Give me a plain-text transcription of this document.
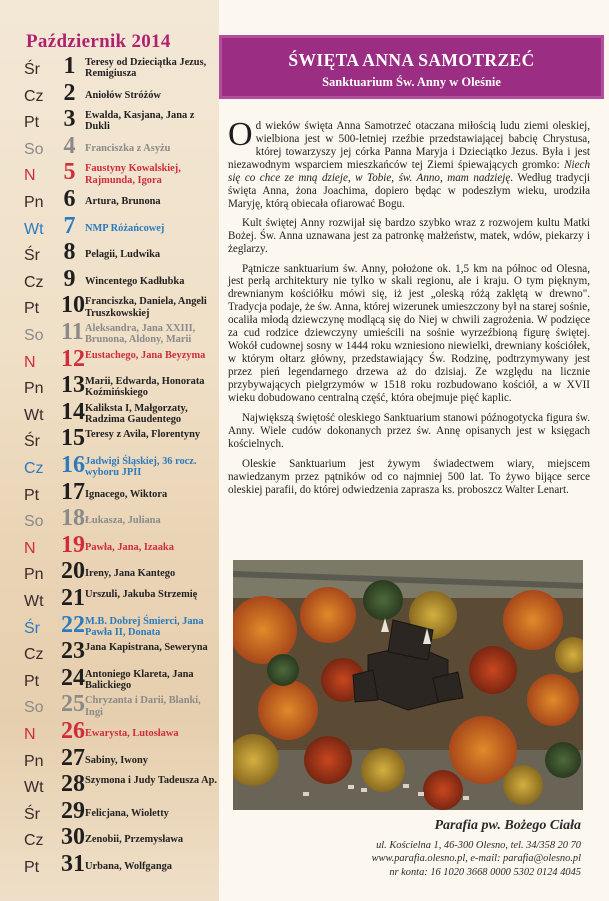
Październik 2014
Śr 1 Teresy od Dzieciątka Jezus, Remigiusza
Cz 2 Aniołów Stróżów
Pt 3 Ewalda, Kasjana, Jana z Dukli
So 4 Franciszka z Asyżu
N 5 Faustyny Kowalskiej, Rajmunda, Igora
Pn 6 Artura, Brunona
Wt 7 NMP Różańcowej
Śr 8 Pelagii, Ludwika
Cz 9 Wincentego Kadłubka
Pt 10 Franciszka, Daniela, Angeli Truszkowskiej
So 11 Aleksandra, Jana XXIII, Brunona, Aldony, Marii
N 12 Eustachego, Jana Beyzyma
Pn 13 Marii, Edwarda, Honorata Koźmińskiego
Wt 14 Kaliksta I, Małgorzaty, Radzima Gaudentego
Śr 15 Teresy z Avila, Florentyny
Cz 16 Jadwigi Śląskiej, 36 rocz. wyboru JPII
Pt 17 Ignacego, Wiktora
So 18 Łukasza, Juliana
N 19 Pawła, Jana, Izaaka
Pn 20 Ireny, Jana Kantego
Wt 21 Urszuli, Jakuba Strzemię
Śr 22 M.B. Dobrej Śmierci, Jana Pawła II, Donata
Cz 23 Jana Kapistrana, Seweryna
Pt 24 Antoniego Klareta, Jana Balickiego
So 25 Chryzanta i Darii, Blanki, Ingi
N 26 Ewarysta, Lutosława
Pn 27 Sabiny, Iwony
Wt 28 Szymona i Judy Tadeusza Ap.
Śr 29 Felicjana, Wioletty
Cz 30 Zenobii, Przemysława
Pt 31 Urbana, Wolfganga
ŚWIĘTA ANNA SAMOTRZEĆ
Sanktuarium Św. Anny w Oleśnie

Od wieków święta Anna Samotrzeć otaczana miłością ludu ziemi oleskiej, wielbiona jest w 500-letniej rzeźbie przedstawiającej babcię Chrystusa, której towarzyszy jej córka Panna Maryja i Dzieciątko Jezus. Była i jest niezawodnym wsparciem mieszkańców tej Ziemi śpiewających gromko: Niech się co chce ze mną dzieje, w Tobie, św. Anno, mam nadzieję. Według tradycji święta Anna, żona Joachima, dopiero będąc w podeszłym wieku, urodziła Maryję, którą obiecała ofiarować Bogu.

Kult świętej Anny rozwijał się bardzo szybko wraz z rozwojem kultu Matki Bożej. Św. Anna uznawana jest za patronkę małżeństw, matek, wdów, piekarzy i żeglarzy.

Pątnicze sanktuarium św. Anny, położone ok. 1,5 km na północ od Olesna, jest perłą architektury nie tylko w skali regionu, ale i kraju. O tym pięknym, drewnianym kościółku mówi się, iż jest „oleską różą zaklętą w drewno". Tradycja podaje, że św. Anna, której wizerunek umieszczony był na starej sośnie, ocaliła młodą dziewczynę modlącą się do Niej w chwili zagrożenia. W podzięce za cud rodzice dziewczyny umieścili na sośnie wyrzeźbioną figurę świętej. Wokół cudownej sosny w 1444 roku wzniesiono niewielki, drewniany kościółek, w którym ołtarz główny, przedstawiający Św. Rodzinę, podtrzymywany jest przez pień legendarnego drzewa aż do dzisiaj. Ze względu na licznie przybywających pielgrzymów w 1518 roku rozbudowano kościół, a w XVII wieku dobudowano centralną część, która obejmuje pięć kaplic.

Największą świętość oleskiego Sanktuarium stanowi późnogotycka figura św. Anny. Wiele cudów dokonanych przez św. Annę opisanych jest w księgach kościelnych.

Oleskie Sanktuarium jest żywym świadectwem wiary, miejscem nawiedzanym przez pątników od co najmniej 500 lat. To żywo bijące serce oleskiej parafii, do której odwiedzenia zaprasza ks. proboszcz Walter Lenart.

Parafia pw. Bożego Ciała
ul. Kościelna 1, 46-300 Olesno, tel. 34/358 20 70
www.parafia.olesno.pl, e-mail: parafia@olesno.pl
nr konta: 16 1020 3668 0000 5302 0124 4045
